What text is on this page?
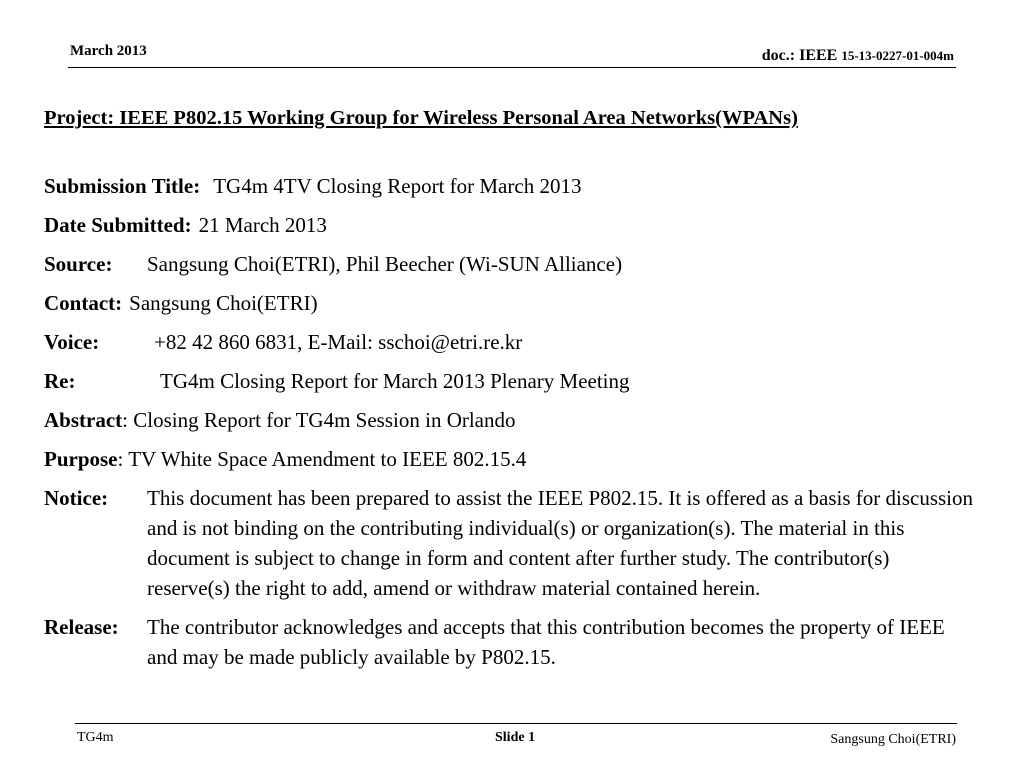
March 2013	doc.: IEEE 15-13-0227-01-004m
Project: IEEE P802.15 Working Group for Wireless Personal Area Networks(WPANs)
Submission Title: TG4m 4TV Closing Report for March 2013
Date Submitted: 21 March 2013
Source:	Sangsung Choi(ETRI), Phil Beecher (Wi-SUN Alliance)
Contact: Sangsung Choi(ETRI)
Voice:	+82 42 860 6831, E-Mail: sschoi@etri.re.kr
Re:	TG4m Closing Report for March 2013 Plenary Meeting
Abstract : Closing Report for TG4m Session in Orlando
Purpose : TV White Space Amendment to IEEE 802.15.4
Notice:	This document has been prepared to assist the IEEE P802.15. It is offered as a basis for discussion and is not binding on the contributing individual(s) or organization(s). The material in this document is subject to change in form and content after further study. The contributor(s) reserve(s) the right to add, amend or withdraw material contained herein.
Release:	The contributor acknowledges and accepts that this contribution becomes the property of IEEE and may be made publicly available by P802.15.
TG4m	Slide 1	Sangsung Choi(ETRI)
